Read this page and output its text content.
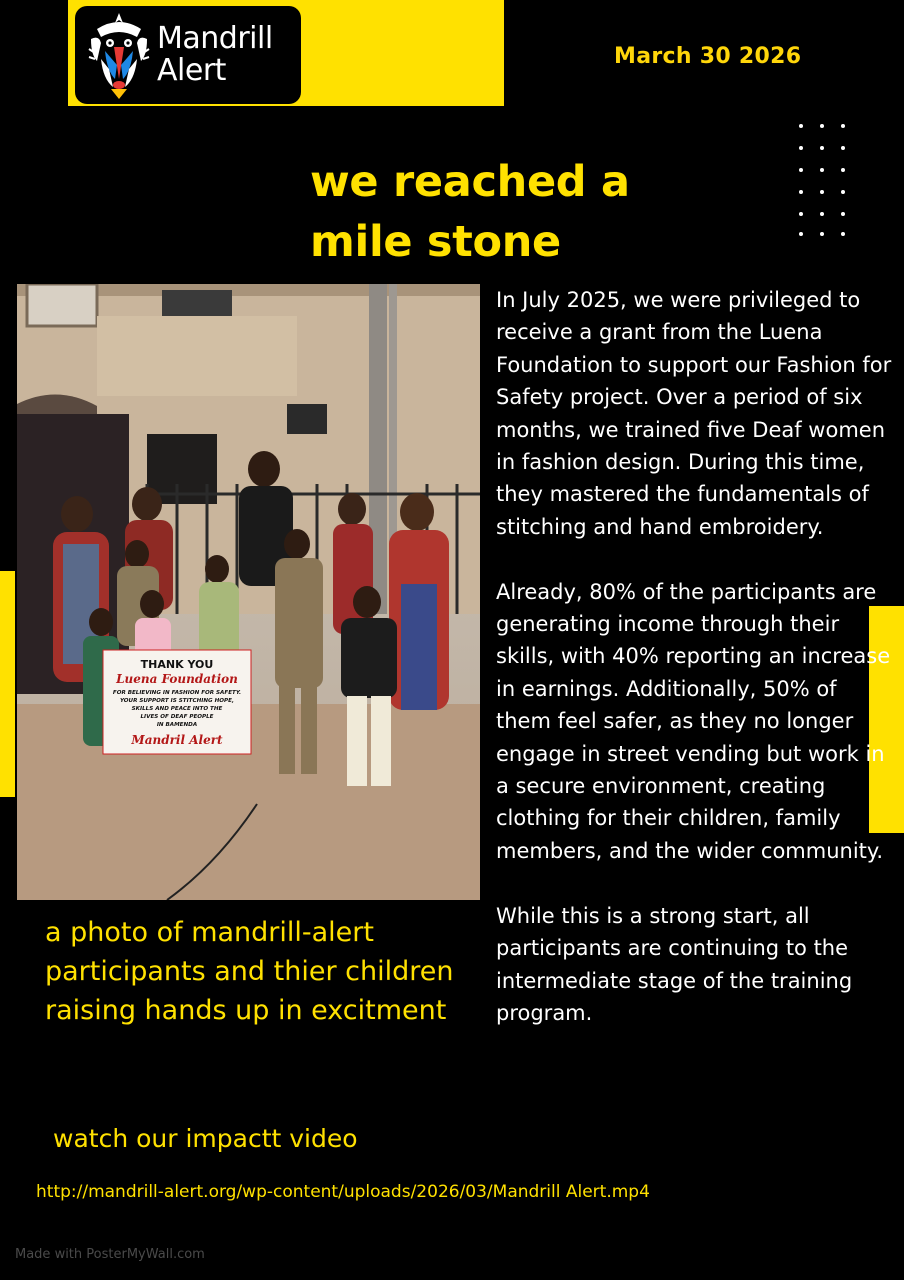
Mandrill
Alert	March 30 2026
we reached a
mile stone
THANK YOU
Luena Foundation
FOR BELIEVING IN FASHION FOR SAFETY.
YOUR SUPPORT IS STITCHING HOPE,
SKILLS AND PEACE INTO THE
LIVES OF DEAF PEOPLE
IN BAMENDA
Mandril Alert

In July 2025, we were privileged to receive a grant from the Luena Foundation to support our Fashion for Safety project. Over a period of six months, we trained five Deaf women in fashion design. During this time, they mastered the fundamentals of stitching and hand embroidery.

Already, 80% of the participants are generating income through their skills, with 40% reporting an increase in earnings. Additionally, 50% of them feel safer, as they no longer engage in street vending but work in a secure environment, creating clothing for their children, family members, and the wider community.

While this is a strong start, all participants are continuing to the intermediate stage of the training program.

a photo of mandrill-alert participants and thier children raising hands up in excitment
watch our impactt video
http://mandrill-alert.org/wp-content/uploads/2026/03/Mandrill Alert.mp4
Made with PosterMyWall.com
